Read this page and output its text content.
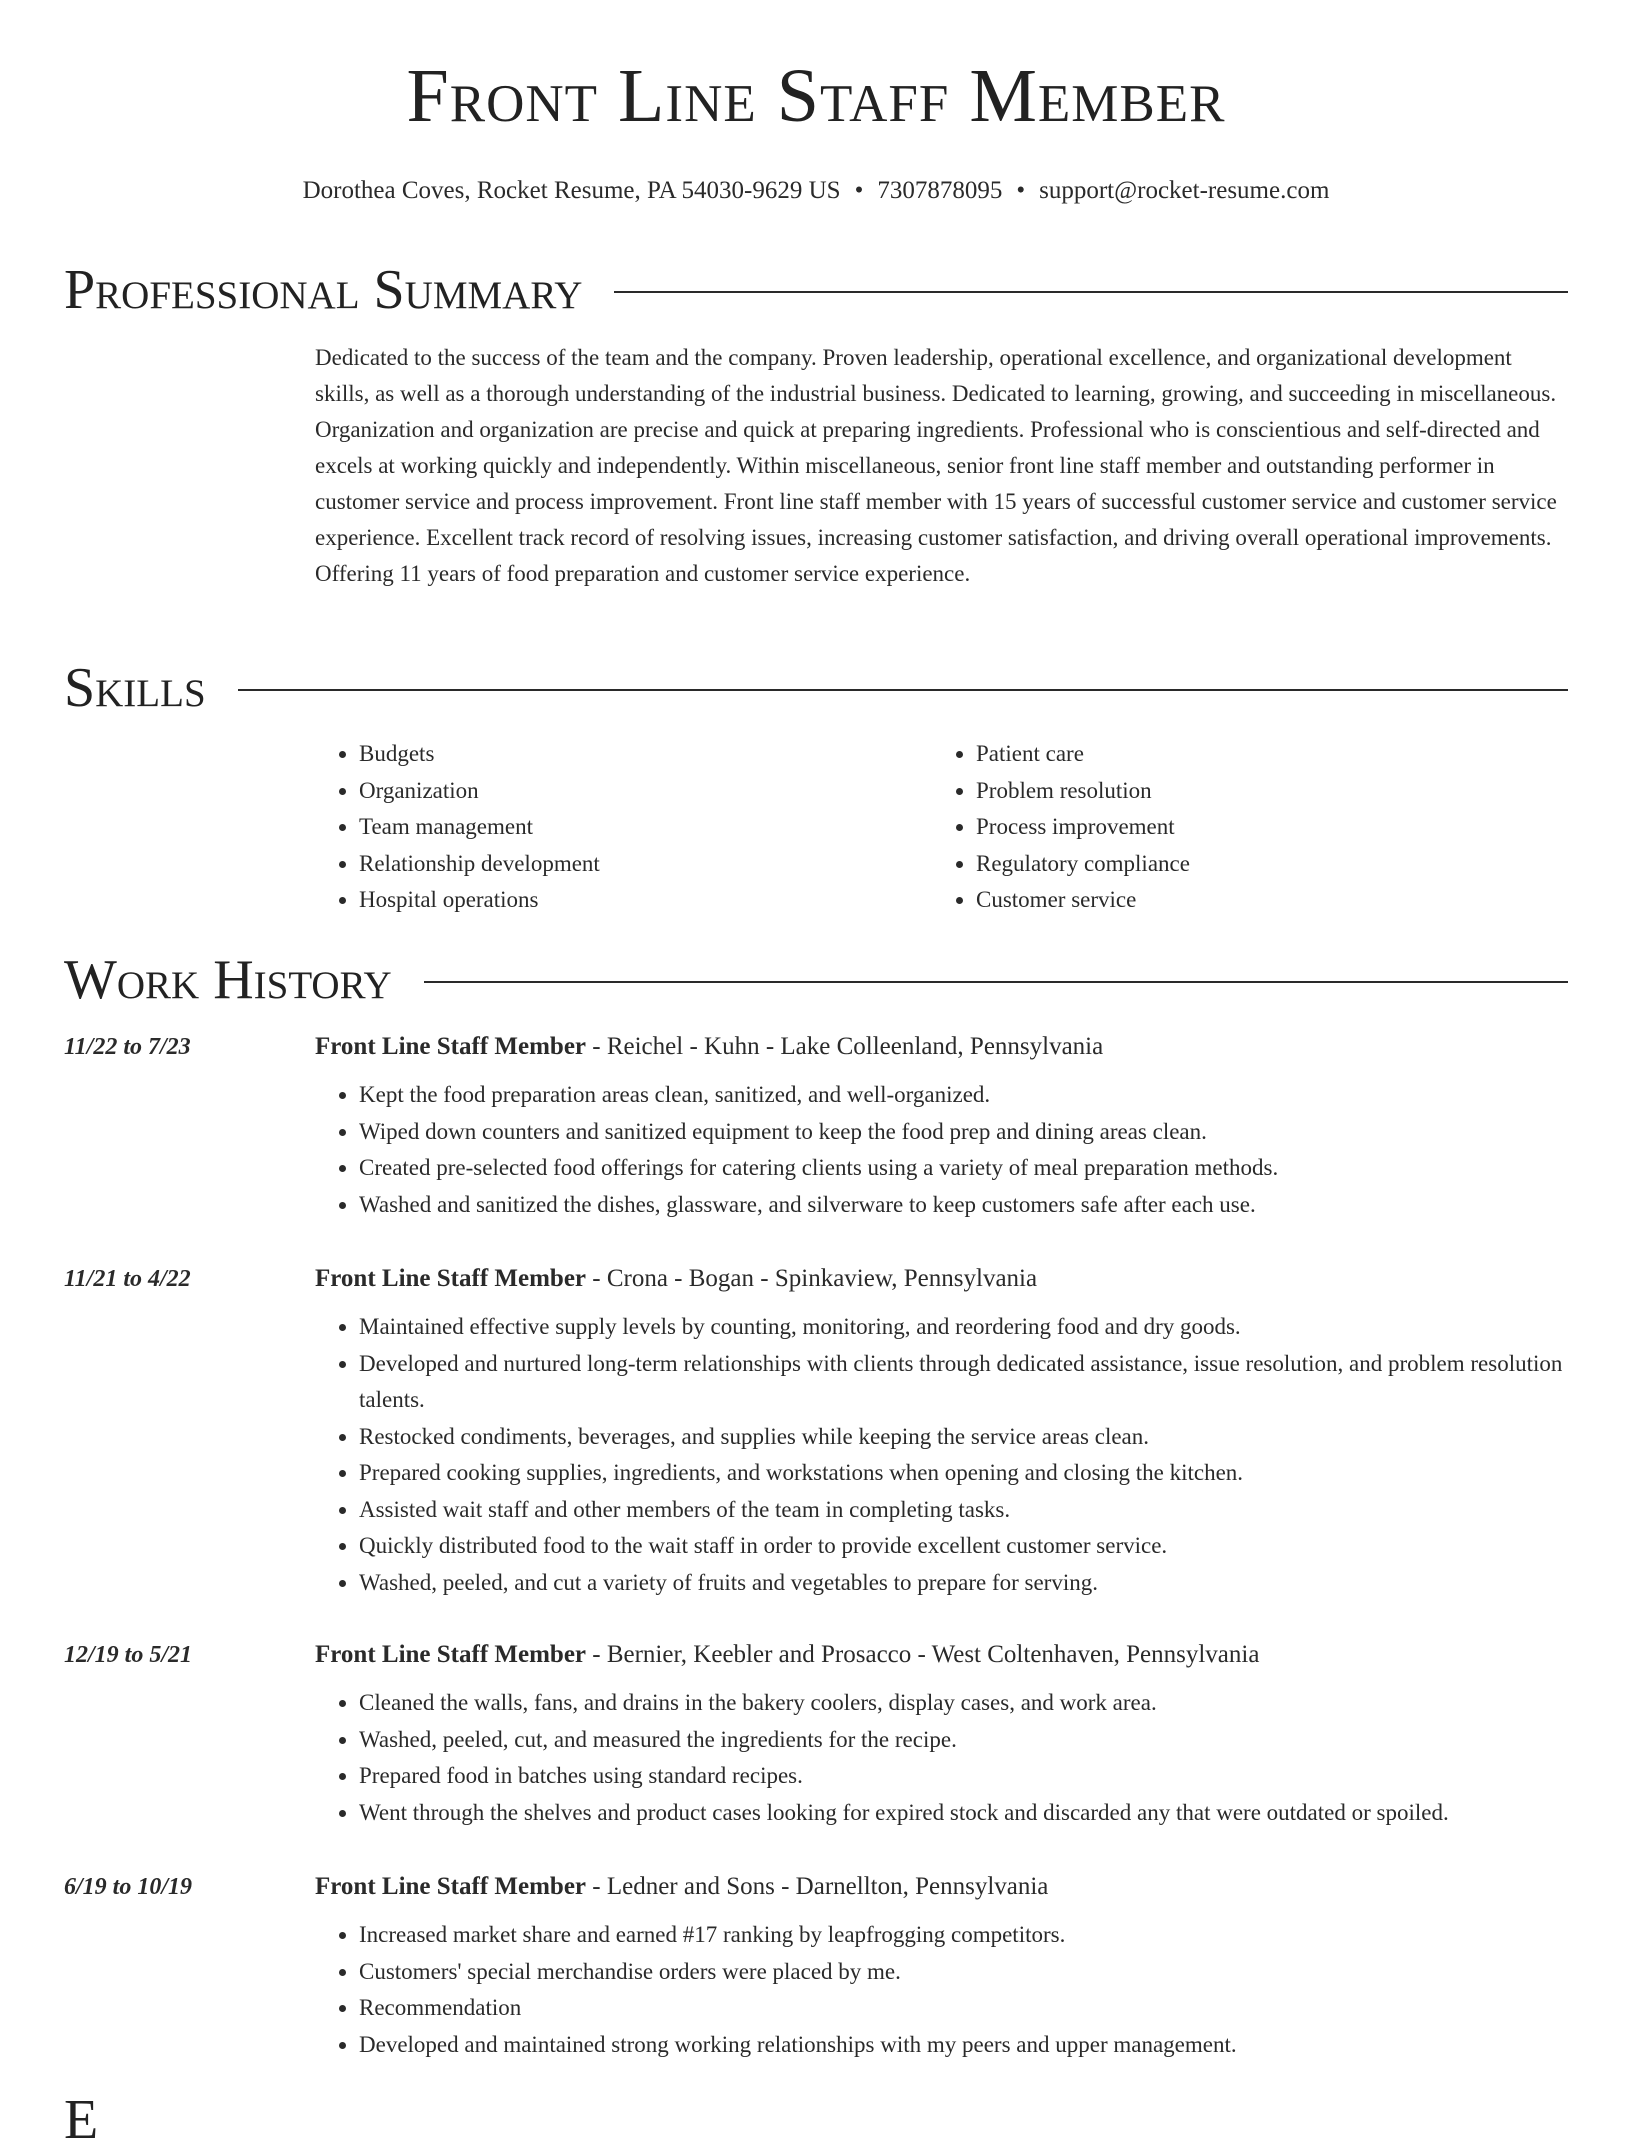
Front Line Staff Member
Dorothea Coves, Rocket Resume, PA 54030-9629 US • 7307878095 • support@rocket-resume.com
Professional Summary

Dedicated to the success of the team and the company. Proven leadership, operational excellence, and organizational development skills, as well as a thorough understanding of the industrial business. Dedicated to learning, growing, and succeeding in miscellaneous. Organization and organization are precise and quick at preparing ingredients. Professional who is conscientious and self-directed and excels at working quickly and independently. Within miscellaneous, senior front line staff member and outstanding performer in customer service and process improvement. Front line staff member with 15 years of successful customer service and customer service experience. Excellent track record of resolving issues, increasing customer satisfaction, and driving overall operational improvements. Offering 11 years of food preparation and customer service experience.

Skills
• Budgets
• Organization
• Team management
• Relationship development
• Hospital operations
• Patient care
• Problem resolution
• Process improvement
• Regulatory compliance
• Customer service
Work History
11/22 to 7/23	Front Line Staff Member - Reichel - Kuhn - Lake Colleenland, Pennsylvania
• Kept the food preparation areas clean, sanitized, and well-organized.
• Wiped down counters and sanitized equipment to keep the food prep and dining areas clean.
• Created pre-selected food offerings for catering clients using a variety of meal preparation methods.
• Washed and sanitized the dishes, glassware, and silverware to keep customers safe after each use.
11/21 to 4/22	Front Line Staff Member - Crona - Bogan - Spinkaview, Pennsylvania
• Maintained effective supply levels by counting, monitoring, and reordering food and dry goods.
• Developed and nurtured long-term relationships with clients through dedicated assistance, issue resolution, and problem resolution talents.
• Restocked condiments, beverages, and supplies while keeping the service areas clean.
• Prepared cooking supplies, ingredients, and workstations when opening and closing the kitchen.
• Assisted wait staff and other members of the team in completing tasks.
• Quickly distributed food to the wait staff in order to provide excellent customer service.
• Washed, peeled, and cut a variety of fruits and vegetables to prepare for serving.
12/19 to 5/21	Front Line Staff Member - Bernier, Keebler and Prosacco - West Coltenhaven, Pennsylvania
• Cleaned the walls, fans, and drains in the bakery coolers, display cases, and work area.
• Washed, peeled, cut, and measured the ingredients for the recipe.
• Prepared food in batches using standard recipes.
• Went through the shelves and product cases looking for expired stock and discarded any that were outdated or spoiled.
6/19 to 10/19	Front Line Staff Member - Ledner and Sons - Darnellton, Pennsylvania
• Increased market share and earned #17 ranking by leapfrogging competitors.
• Customers' special merchandise orders were placed by me.
• Recommendation
• Developed and maintained strong working relationships with my peers and upper management.
E
